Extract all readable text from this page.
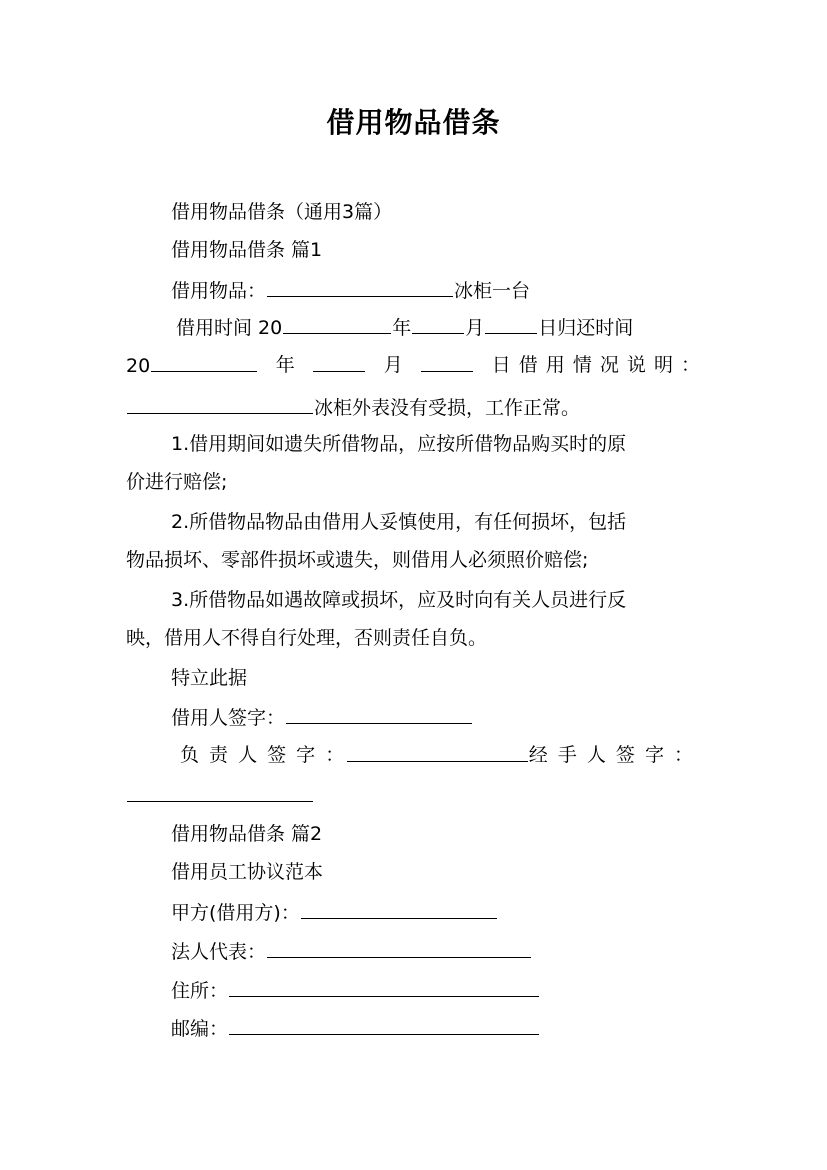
借用物品借条
借用物品借条（通用3篇）
借用物品借条 篇1
借用物品：	冰柜一台
借用时间 20	年	月	日归还时间
20	年	月	日 借 用 情 况 说 明 ：
冰柜外表没有受损，工作正常。
1.借用期间如遗失所借物品，应按所借物品购买时的原
价进行赔偿;
2.所借物品物品由借用人妥慎使用，有任何损坏，包括
物品损坏、零部件损坏或遗失，则借用人必须照价赔偿;
3.所借物品如遇故障或损坏，应及时向有关人员进行反
映，借用人不得自行处理，否则责任自负。
特立此据
借用人签字：
负 责 人 签 字 ：	经 手 人 签 字 ：
借用物品借条 篇2
借用员工协议范本
甲方(借用方)：
法人代表：
住所：
邮编：
